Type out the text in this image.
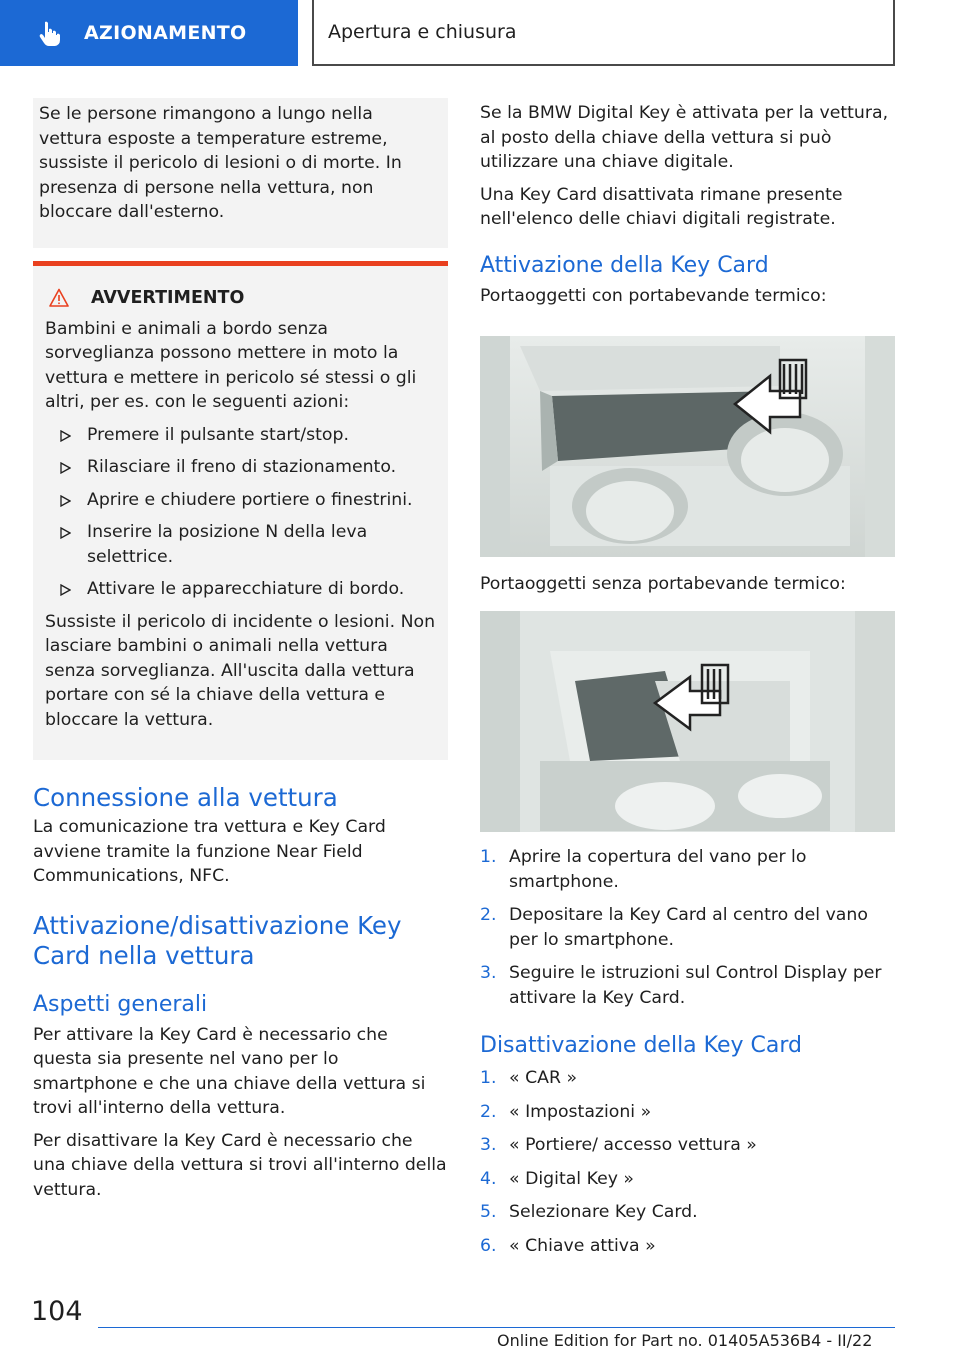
AZIONAMENTO	Apertura e chiusura

Se le persone rimangono a lungo nella vettura esposte a temperature estreme, sussiste il pericolo di lesioni o di morte. In presenza di persone nella vettura, non bloccare dall'esterno.

AVVERTIMENTO

Bambini e animali a bordo senza sorveglianza possono mettere in moto la vettura e mettere in pericolo sé stessi o gli altri, per es. con le seguenti azioni:

Premere il pulsante start/stop.
Rilasciare il freno di stazionamento.
Aprire e chiudere portiere o finestrini.
Inserire la posizione N della leva selettrice.
Attivare le apparecchiature di bordo.

Sussiste il pericolo di incidente o lesioni. Non lasciare bambini o animali nella vettura senza sorveglianza. All'uscita dalla vettura portare con sé la chiave della vettura e bloccare la vettura.

Connessione alla vettura

La comunicazione tra vettura e Key Card avviene tramite la funzione Near Field Communications, NFC.

Attivazione/disattivazione Key Card nella vettura
Aspetti generali

Per attivare la Key Card è necessario che questa sia presente nel vano per lo smartphone e che una chiave della vettura si trovi all'interno della vettura.

Per disattivare la Key Card è necessario che una chiave della vettura si trovi all'interno della vettura.

Se la BMW Digital Key è attivata per la vettura, al posto della chiave della vettura si può utilizzare una chiave digitale.

Una Key Card disattivata rimane presente nell'elenco delle chiavi digitali registrate.

Attivazione della Key Card

Portaoggetti con portabevande termico:

Portaoggetti senza portabevande termico:

1. Aprire la copertura del vano per lo smartphone.
2. Depositare la Key Card al centro del vano per lo smartphone.
3. Seguire le istruzioni sul Control Display per attivare la Key Card.
Disattivazione della Key Card
1. « CAR »
2. « Impostazioni »
3. « Portiere/ accesso vettura »
4. « Digital Key »
5. Selezionare Key Card.
6. « Chiave attiva »
104
Online Edition for Part no. 01405A536B4 - II/22
